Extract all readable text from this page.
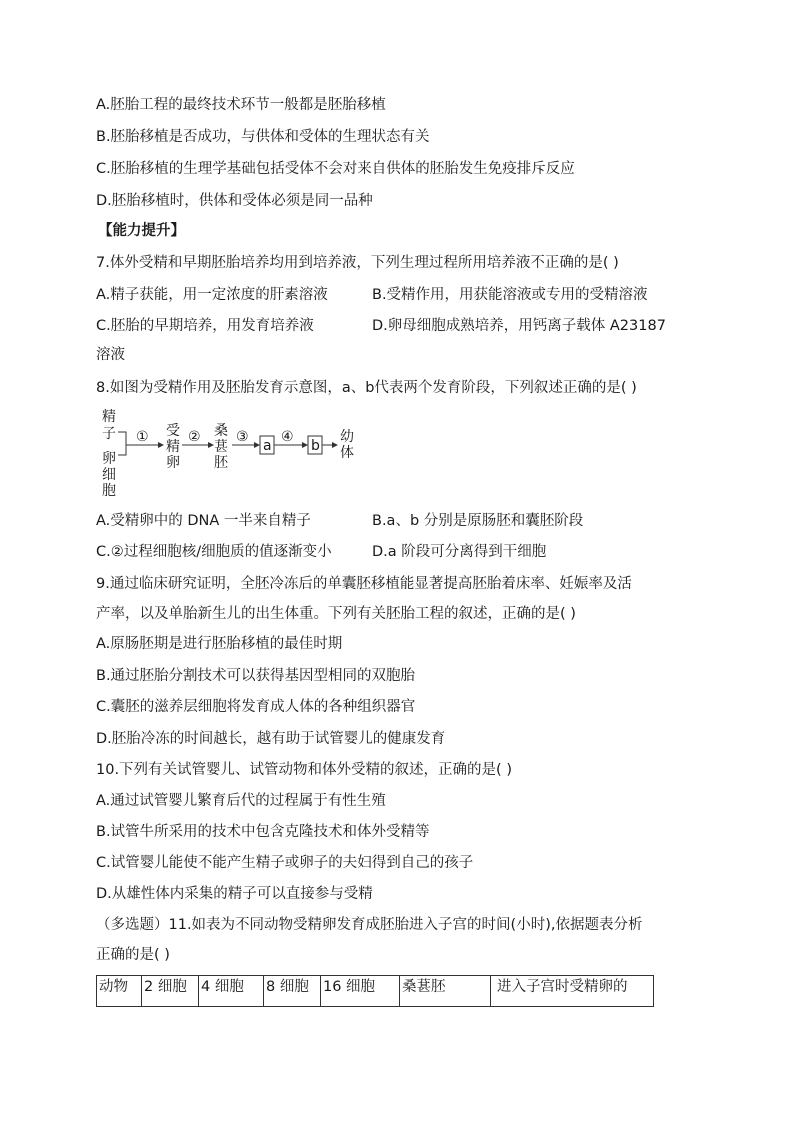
A.胚胎工程的最终技术环节一般都是胚胎移植
B.胚胎移植是否成功，与供体和受体的生理状态有关
C.胚胎移植的生理学基础包括受体不会对来自供体的胚胎发生免疫排斥反应
D.胚胎移植时，供体和受体必须是同一品种
【能力提升】
7.体外受精和早期胚胎培养均用到培养液，下列生理过程所用培养液不正确的是( )
A.精子获能，用一定浓度的肝素溶液	B.受精作用，用获能溶液或专用的受精溶液
C.胚胎的早期培养，用发育培养液	D.卵母细胞成熟培养，用钙离子载体 A23187
溶液
8.如图为受精作用及胚胎发育示意图，a、b代表两个发育阶段，下列叙述正确的是( )
精
子
卵
细
胞
① 受
精
卵
② 桑
葚
胚
③
a
④
b
幼
体
A.受精卵中的 DNA 一半来自精子	B.a、b 分别是原肠胚和囊胚阶段
C.②过程细胞核/细胞质的值逐渐变小	D.a 阶段可分离得到干细胞
9.通过临床研究证明，全胚冷冻后的单囊胚移植能显著提高胚胎着床率、妊娠率及活
产率，以及单胎新生儿的出生体重。下列有关胚胎工程的叙述，正确的是( )
A.原肠胚期是进行胚胎移植的最佳时期
B.通过胚胎分割技术可以获得基因型相同的双胞胎
C.囊胚的滋养层细胞将发育成人体的各种组织器官
D.胚胎冷冻的时间越长，越有助于试管婴儿的健康发育
10.下列有关试管婴儿、试管动物和体外受精的叙述，正确的是( )
A.通过试管婴儿繁育后代的过程属于有性生殖
B.试管牛所采用的技术中包含克隆技术和体外受精等
C.试管婴儿能使不能产生精子或卵子的夫妇得到自己的孩子
D.从雄性体内采集的精子可以直接参与受精
（多选题）11.如表为不同动物受精卵发育成胚胎进入子宫的时间(小时),依据题表分析
正确的是( )
动物	2 细胞	4 细胞	8 细胞	16 细胞	桑葚胚	进入子宫时受精卵的
